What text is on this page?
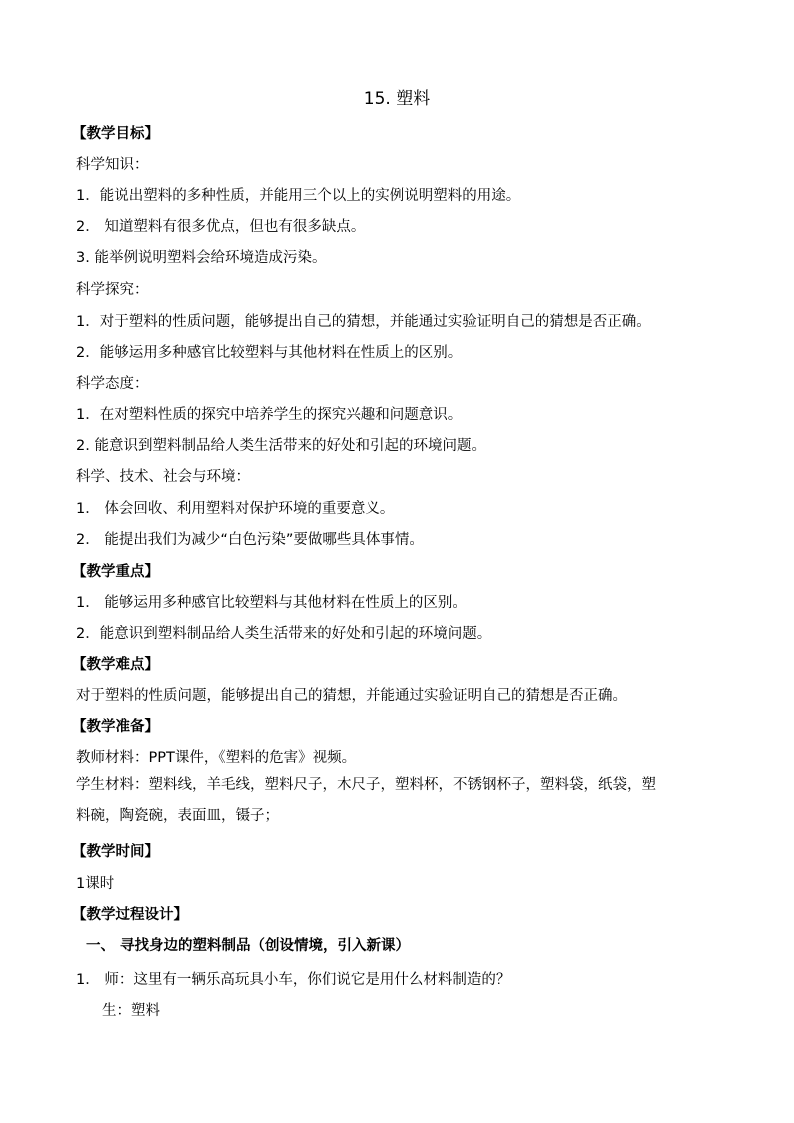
15. 塑料
【教学目标】
科学知识：
1．能说出塑料的多种性质，并能用三个以上的实例说明塑料的用途。
2． 知道塑料有很多优点，但也有很多缺点。
3. 能举例说明塑料会给环境造成污染。
科学探究：
1．对于塑料的性质问题，能够提出自己的猜想，并能通过实验证明自己的猜想是否正确。
2．能够运用多种感官比较塑料与其他材料在性质上的区别。
科学态度：
1．在对塑料性质的探究中培养学生的探究兴趣和问题意识。
2. 能意识到塑料制品给人类生活带来的好处和引起的环境问题。
科学、技术、社会与环境：
1． 体会回收、利用塑料对保护环境的重要意义。
2． 能提出我们为减少“白色污染”要做哪些具体事情。
【教学重点】
1． 能够运用多种感官比较塑料与其他材料在性质上的区别。
2．能意识到塑料制品给人类生活带来的好处和引起的环境问题。
【教学难点】
对于塑料的性质问题，能够提出自己的猜想，并能通过实验证明自己的猜想是否正确。
【教学准备】
教师材料：PPT课件，《塑料的危害》视频。
学生材料：塑料线，羊毛线，塑料尺子，木尺子，塑料杯，不锈钢杯子，塑料袋，纸袋，塑
料碗，陶瓷碗，表面皿，镊子；
【教学时间】
1课时
【教学过程设计】
一、 寻找身边的塑料制品（创设情境，引入新课）
1． 师：这里有一辆乐高玩具小车，你们说它是用什么材料制造的？
生：塑料
